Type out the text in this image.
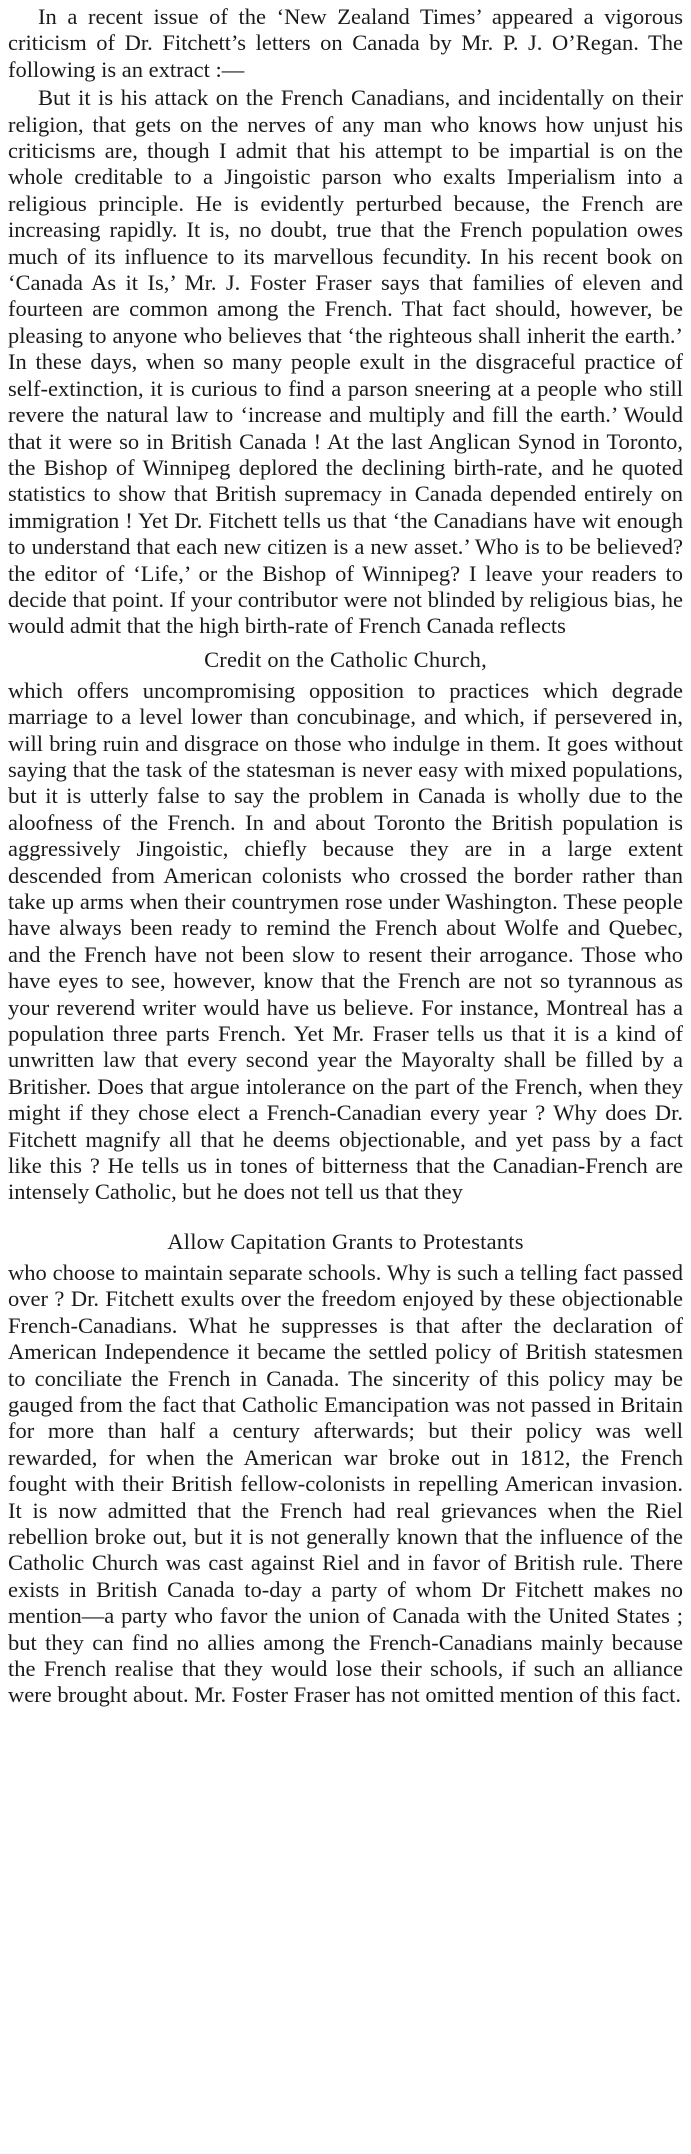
In a recent issue of the ‘New Zealand Times’ appeared a vigorous criticism of Dr. Fitchett’s letters on Canada by Mr. P. J. O’Regan. The following is an extract :—

But it is his attack on the French Canadians, and incidentally on their religion, that gets on the nerves of any man who knows how unjust his criticisms are, though I admit that his attempt to be impartial is on the whole creditable to a Jingoistic parson who exalts Imperialism into a religious principle. He is evidently perturbed because, the French are increasing rapidly. It is, no doubt, true that the French population owes much of its influence to its marvellous fecundity. In his recent book on ‘Canada As it Is,’ Mr. J. Foster Fraser says that families of eleven and fourteen are common among the French. That fact should, however, be pleasing to anyone who believes that ‘the righteous shall inherit the earth.’ In these days, when so many people exult in the disgraceful practice of self-extinction, it is curious to find a parson sneering at a people who still revere the natural law to ‘increase and multiply and fill the earth.’ Would that it were so in British Canada ! At the last Anglican Synod in Toronto, the Bishop of Winnipeg deplored the declining birth-rate, and he quoted statistics to show that British supremacy in Canada depended entirely on immigration ! Yet Dr. Fitchett tells us that ‘the Canadians have wit enough to understand that each new citizen is a new asset.’ Who is to be believed? the editor of ‘Life,’ or the Bishop of Winnipeg? I leave your readers to decide that point. If your contributor were not blinded by religious bias, he would admit that the high birth-rate of French Canada reflects

Credit on the Catholic Church,

which offers uncompromising opposition to practices which degrade marriage to a level lower than concubinage, and which, if persevered in, will bring ruin and disgrace on those who indulge in them. It goes without saying that the task of the statesman is never easy with mixed populations, but it is utterly false to say the problem in Canada is wholly due to the aloofness of the French. In and about Toronto the British population is aggressively Jingoistic, chiefly because they are in a large extent descended from American colonists who crossed the border rather than take up arms when their countrymen rose under Washington. These people have always been ready to remind the French about Wolfe and Quebec, and the French have not been slow to resent their arrogance. Those who have eyes to see, however, know that the French are not so tyrannous as your reverend writer would have us believe. For instance, Montreal has a population three parts French. Yet Mr. Fraser tells us that it is a kind of unwritten law that every second year the Mayoralty shall be filled by a Britisher. Does that argue intolerance on the part of the French, when they might if they chose elect a French-Canadian every year ? Why does Dr. Fitchett magnify all that he deems objectionable, and yet pass by a fact like this ? He tells us in tones of bitterness that the Canadian-French are intensely Catholic, but he does not tell us that they

Allow Capitation Grants to Protestants

who choose to maintain separate schools. Why is such a telling fact passed over ? Dr. Fitchett exults over the freedom enjoyed by these objectionable French-Canadians. What he suppresses is that after the declaration of American Independence it became the settled policy of British statesmen to conciliate the French in Canada. The sincerity of this policy may be gauged from the fact that Catholic Emancipation was not passed in Britain for more than half a century afterwards; but their policy was well rewarded, for when the American war broke out in 1812, the French fought with their British fellow-colonists in repelling American invasion. It is now admitted that the French had real grievances when the Riel rebellion broke out, but it is not generally known that the influence of the Catholic Church was cast against Riel and in favor of British rule. There exists in British Canada to-day a party of whom Dr Fitchett makes no mention—a party who favor the union of Canada with the United States ; but they can find no allies among the French-Canadians mainly because the French realise that they would lose their schools, if such an alliance were brought about. Mr. Foster Fraser has not omitted mention of this fact.
